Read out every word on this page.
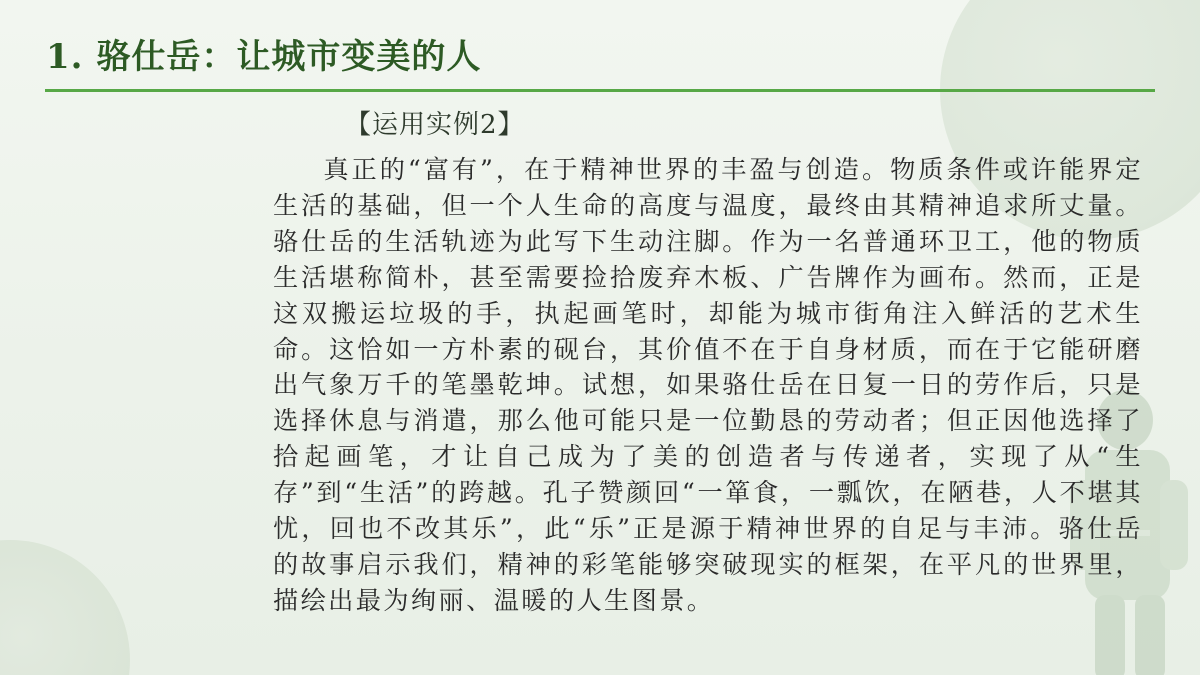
1. 骆仕岳：让城市变美的人
【运用实例2】

真正的“富有”，在于精神世界的丰盈与创造。物质条件或许能界定生活的基础，但一个人生命的高度与温度，最终由其精神追求所丈量。骆仕岳的生活轨迹为此写下生动注脚。作为一名普通环卫工，他的物质生活堪称简朴，甚至需要捡拾废弃木板、广告牌作为画布。然而，正是这双搬运垃圾的手，执起画笔时，却能为城市街角注入鲜活的艺术生命。这恰如一方朴素的砚台，其价值不在于自身材质，而在于它能研磨出气象万千的笔墨乾坤。试想，如果骆仕岳在日复一日的劳作后，只是选择休息与消遣，那么他可能只是一位勤恳的劳动者；但正因他选择了拾起画笔，才让自己成为了美的创造者与传递者，实现了从“生存”到“生活”的跨越。孔子赞颜回“一箪食，一瓢饮，在陋巷，人不堪其忧，回也不改其乐”，此“乐”正是源于精神世界的自足与丰沛。骆仕岳的故事启示我们，精神的彩笔能够突破现实的框架，在平凡的世界里，描绘出最为绚丽、温暖的人生图景。
